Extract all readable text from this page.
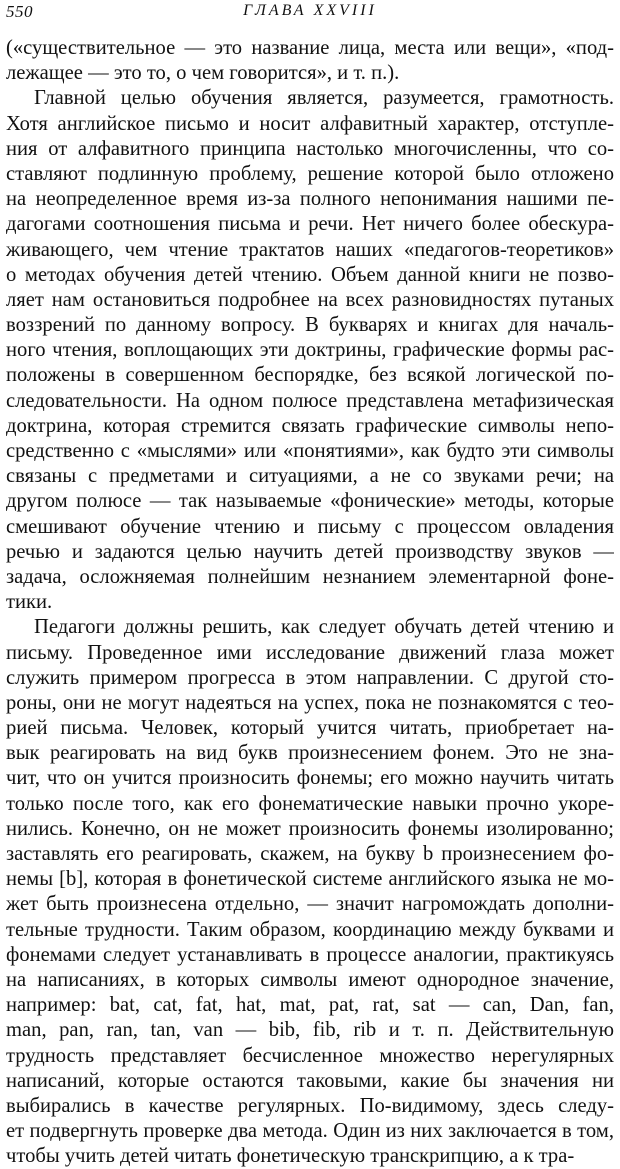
550	ГЛАВА XXVIII

(«существительное — это название лица, места или вещи», «под-
лежащее — это то, о чем говорится», и т. п.).

Главной целью обучения является, разумеется, грамотность.
Хотя английское письмо и носит алфавитный характер, отступле-
ния от алфавитного принципа настолько многочисленны, что со-
ставляют подлинную проблему, решение которой было отложено
на неопределенное время из-за полного непонимания нашими пе-
дагогами соотношения письма и речи. Нет ничего более обескура-
живающего, чем чтение трактатов наших «педагогов-теоретиков»
о методах обучения детей чтению. Объем данной книги не позво-
ляет нам остановиться подробнее на всех разновидностях путаных
воззрений по данному вопросу. В букварях и книгах для началь-
ного чтения, воплощающих эти доктрины, графические формы рас-
положены в совершенном беспорядке, без всякой логической по-
следовательности. На одном полюсе представлена метафизическая
доктрина, которая стремится связать графические символы непо-
средственно с «мыслями» или «понятиями», как будто эти символы
связаны с предметами и ситуациями, а не со звуками речи; на
другом полюсе — так называемые «фонические» методы, которые
смешивают обучение чтению и письму с процессом овладения
речью и задаются целью научить детей производству звуков —
задача, осложняемая полнейшим незнанием элементарной фоне-
тики.

Педагоги должны решить, как следует обучать детей чтению и
письму. Проведенное ими исследование движений глаза может
служить примером прогресса в этом направлении. С другой сто-
роны, они не могут надеяться на успех, пока не познакомятся с тео-
рией письма. Человек, который учится читать, приобретает на-
вык реагировать на вид букв произнесением фонем. Это не зна-
чит, что он учится произносить фонемы; его можно научить читать
только после того, как его фонематические навыки прочно укоре-
нились. Конечно, он не может произносить фонемы изолированно;
заставлять его реагировать, скажем, на букву b произнесением фо-
немы [b], которая в фонетической системе английского языка не мо-
жет быть произнесена отдельно, — значит нагромождать дополни-
тельные трудности. Таким образом, координацию между буквами и
фонемами следует устанавливать в процессе аналогии, практикуясь
на написаниях, в которых символы имеют однородное значение,
например: bat, cat, fat, hat, mat, pat, rat, sat — can, Dan, fan,
man, pan, ran, tan, van — bib, fib, rib и т. п. Действительную
трудность представляет бесчисленное множество нерегулярных
написаний, которые остаются таковыми, какие бы значения ни
выбирались в качестве регулярных. По-видимому, здесь следу-
ет подвергнуть проверке два метода. Один из них заключается в том,
чтобы учить детей читать фонетическую транскрипцию, а к тра-
